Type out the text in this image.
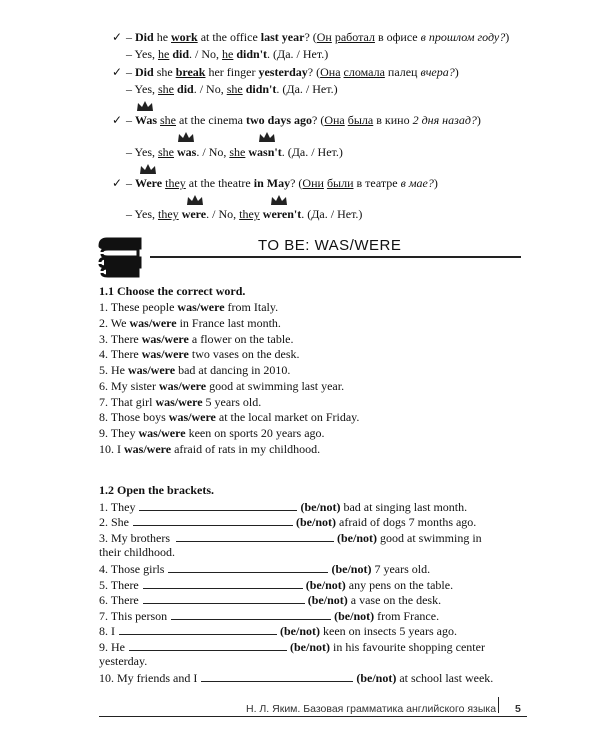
✓ – Did he work at the office last year? (Он работал в офисе в прошлом году?)
– Yes, he did. / No, he didn't. (Да. / Нет.)
✓ – Did she break her finger yesterday? (Она сломала палец вчера?)
– Yes, she did. / No, she didn't. (Да. / Нет.)
✓ – Was she at the cinema two days ago? (Она была в кино 2 дня назад?)
– Yes, she was. / No, she wasn't. (Да. / Нет.)
✓ – Were they at the theatre in May? (Они были в театре в мае?)
– Yes, they were. / No, they weren't. (Да. / Нет.)
TO BE: WAS/WERE
1.1 Choose the correct word.
1. These people was/were from Italy.
2. We was/were in France last month.
3. There was/were a flower on the table.
4. There was/were two vases on the desk.
5. He was/were bad at dancing in 2010.
6. My sister was/were good at swimming last year.
7. That girl was/were 5 years old.
8. Those boys was/were at the local market on Friday.
9. They was/were keen on sports 20 years ago.
10. I was/were afraid of rats in my childhood.
1.2 Open the brackets.
1. They	(be/not) bad at singing last month.
2. She	(be/not) afraid of dogs 7 months ago.
3. My brothers	(be/not) good at swimming in
their childhood.
4. Those girls	(be/not) 7 years old.
5. There	(be/not) any pens on the table.
6. There	(be/not) a vase on the desk.
7. This person	(be/not) from France.
8. I	(be/not) keen on insects 5 years ago.
9. He	(be/not) in his favourite shopping center
yesterday.
10. My friends and I	(be/not) at school last week.
Н. Л. Яким. Базовая грамматика английского языка 5
